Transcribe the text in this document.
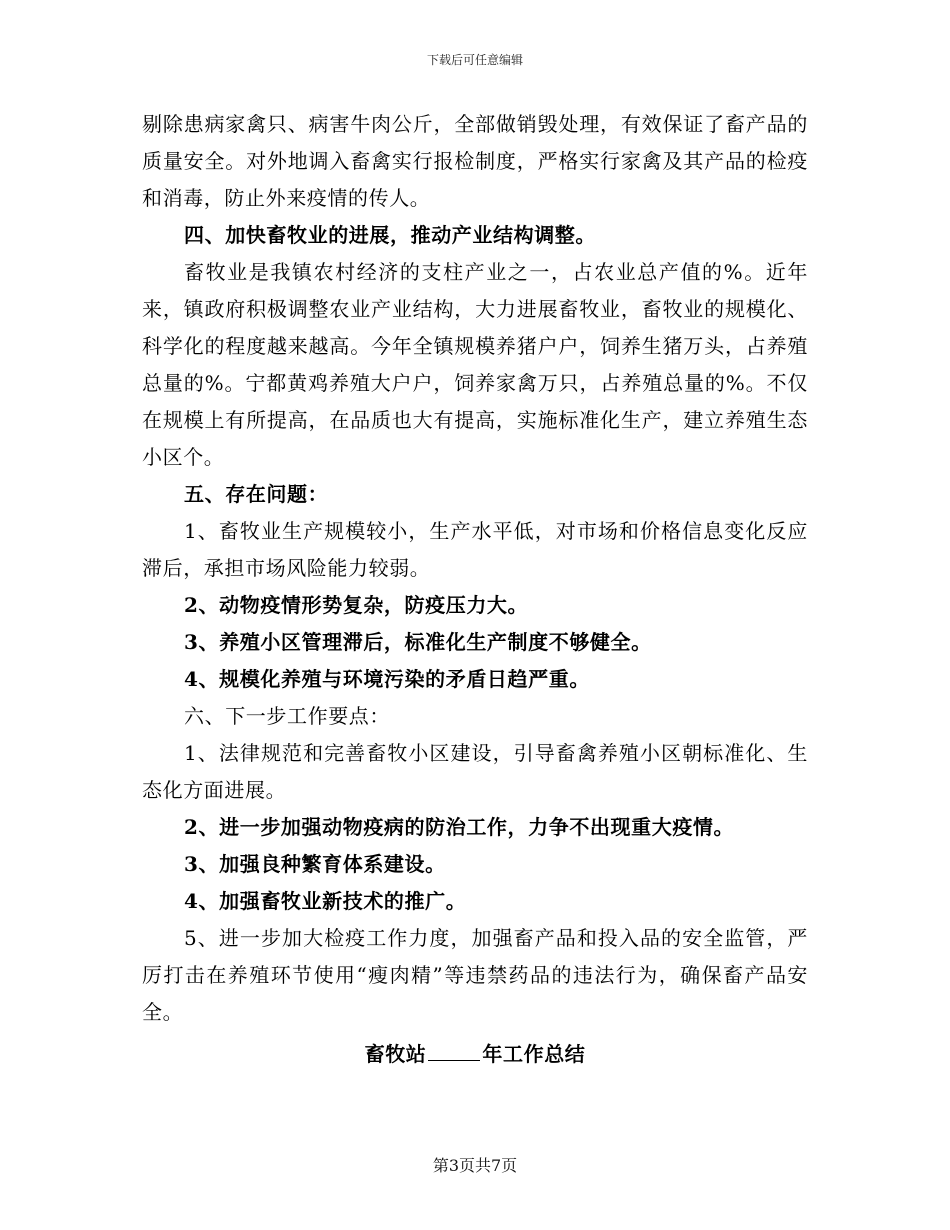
下载后可任意编辑

剔除患病家禽只、病害牛肉公斤，全部做销毁处理，有效保证了畜产品的质量安全。对外地调入畜禽实行报检制度，严格实行家禽及其产品的检疫和消毒，防止外来疫情的传人。

四、加快畜牧业的进展，推动产业结构调整。

畜牧业是我镇农村经济的支柱产业之一，占农业总产值的%。近年来，镇政府积极调整农业产业结构，大力进展畜牧业，畜牧业的规模化、科学化的程度越来越高。今年全镇规模养猪户户，饲养生猪万头，占养殖总量的%。宁都黄鸡养殖大户户，饲养家禽万只，占养殖总量的%。不仅在规模上有所提高，在品质也大有提高，实施标准化生产，建立养殖生态小区个。

五、存在问题：

1、畜牧业生产规模较小，生产水平低，对市场和价格信息变化反应滞后，承担市场风险能力较弱。

2、动物疫情形势复杂，防疫压力大。

3、养殖小区管理滞后，标准化生产制度不够健全。

4、规模化养殖与环境污染的矛盾日趋严重。

六、下一步工作要点：

1、法律规范和完善畜牧小区建设，引导畜禽养殖小区朝标准化、生态化方面进展。

2、进一步加强动物疫病的防治工作，力争不出现重大疫情。

3、加强良种繁育体系建设。

4、加强畜牧业新技术的推广。

5、进一步加大检疫工作力度，加强畜产品和投入品的安全监管，严厉打击在养殖环节使用“瘦肉精”等违禁药品的违法行为，确保畜产品安全。

畜牧站	年工作总结
第3页共7页
